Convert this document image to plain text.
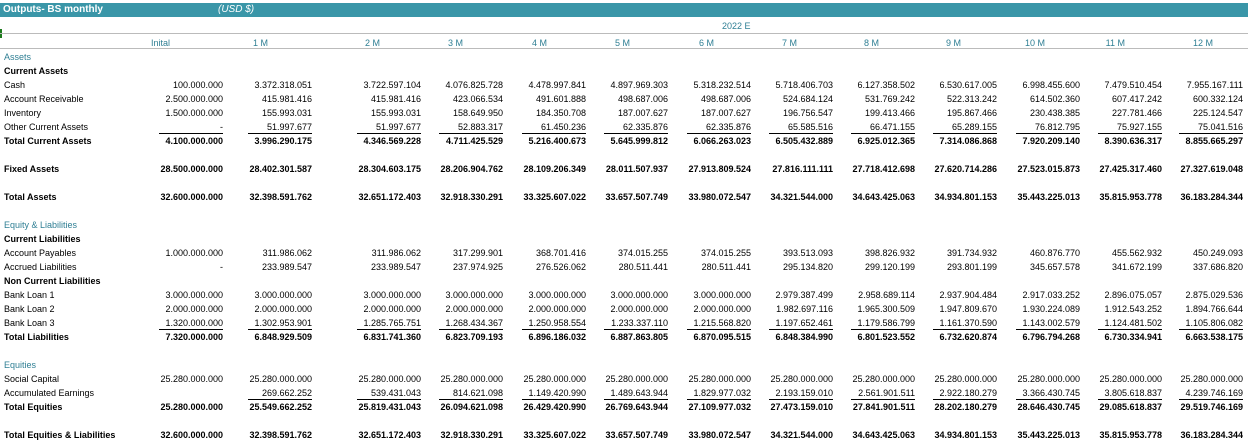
Outputs- BS monthly	(USD $)
2022 E
Inital	1 M	2 M	3 M	4 M	5 M	6 M	7 M	8 M	9 M	10 M	11 M	12 M
Assets
Current Assets
Cash	100.000.000	3.372.318.051	3.722.597.104	4.076.825.728	4.478.997.841	4.897.969.303	5.318.232.514	5.718.406.703	6.127.358.502	6.530.617.005	6.998.455.600	7.479.510.454	7.955.167.111
Account Receivable	2.500.000.000	415.981.416	415.981.416	423.066.534	491.601.888	498.687.006	498.687.006	524.684.124	531.769.242	522.313.242	614.502.360	607.417.242	600.332.124
Inventory	1.500.000.000	155.993.031	155.993.031	158.649.950	184.350.708	187.007.627	187.007.627	196.756.547	199.413.466	195.867.466	230.438.385	227.781.466	225.124.547
Other Current Assets	-	51.997.677	51.997.677	52.883.317	61.450.236	62.335.876	62.335.876	65.585.516	66.471.155	65.289.155	76.812.795	75.927.155	75.041.516
Total Current Assets	4.100.000.000	3.996.290.175	4.346.569.228	4.711.425.529	5.216.400.673	5.645.999.812	6.066.263.023	6.505.432.889	6.925.012.365	7.314.086.868	7.920.209.140	8.390.636.317	8.855.665.297
Fixed Assets	28.500.000.000	28.402.301.587	28.304.603.175 28.206.904.762 28.109.206.349 28.011.507.937 27.913.809.524 27.816.111.111 27.718.412.698 27.620.714.286 27.523.015.873 27.425.317.460 27.327.619.048
Total Assets	32.600.000.000	32.398.591.762	32.651.172.403 32.918.330.291 33.325.607.022 33.657.507.749 33.980.072.547 34.321.544.000 34.643.425.063 34.934.801.153 35.443.225.013 35.815.953.778 36.183.284.344
Equity & Liabilities
Current Liabilities
Account Payables	1.000.000.000	311.986.062	311.986.062	317.299.901	368.701.416	374.015.255	374.015.255	393.513.093	398.826.932	391.734.932	460.876.770	455.562.932	450.249.093
Accrued Liabilities	-	233.989.547	233.989.547	237.974.925	276.526.062	280.511.441	280.511.441	295.134.820	299.120.199	293.801.199	345.657.578	341.672.199	337.686.820
Non Current Liabilities
Bank Loan 1	3.000.000.000	3.000.000.000	3.000.000.000	3.000.000.000	3.000.000.000	3.000.000.000	3.000.000.000	2.979.387.499	2.958.689.114	2.937.904.484	2.917.033.252	2.896.075.057	2.875.029.536
Bank Loan 2	2.000.000.000	2.000.000.000	2.000.000.000	2.000.000.000	2.000.000.000	2.000.000.000	2.000.000.000	1.982.697.116	1.965.300.509	1.947.809.670	1.930.224.089	1.912.543.252	1.894.766.644
Bank Loan 3	1.320.000.000	1.302.953.901	1.285.765.751	1.268.434.367	1.250.958.554	1.233.337.110	1.215.568.820	1.197.652.461	1.179.586.799	1.161.370.590	1.143.002.579	1.124.481.502	1.105.806.082
Total Liabilities	7.320.000.000	6.848.929.509	6.831.741.360	6.823.709.193	6.896.186.032	6.887.863.805	6.870.095.515	6.848.384.990	6.801.523.552	6.732.620.874	6.796.794.268	6.730.334.941	6.663.538.175
Equities
Social Capital	25.280.000.000	25.280.000.000	25.280.000.000 25.280.000.000 25.280.000.000 25.280.000.000 25.280.000.000 25.280.000.000 25.280.000.000 25.280.000.000 25.280.000.000 25.280.000.000 25.280.000.000
Accumulated Earnings	269.662.252	539.431.043	814.621.098	1.149.420.990	1.489.643.944	1.829.977.032	2.193.159.010	2.561.901.511	2.922.180.279	3.366.430.745	3.805.618.837	4.239.746.169
Total Equities	25.280.000.000	25.549.662.252	25.819.431.043 26.094.621.098 26.429.420.990 26.769.643.944 27.109.977.032 27.473.159.010 27.841.901.511 28.202.180.279 28.646.430.745 29.085.618.837 29.519.746.169
Total Equities & Liabilities	32.600.000.000	32.398.591.762	32.651.172.403 32.918.330.291 33.325.607.022 33.657.507.749 33.980.072.547 34.321.544.000 34.643.425.063 34.934.801.153 35.443.225.013 35.815.953.778 36.183.284.344
